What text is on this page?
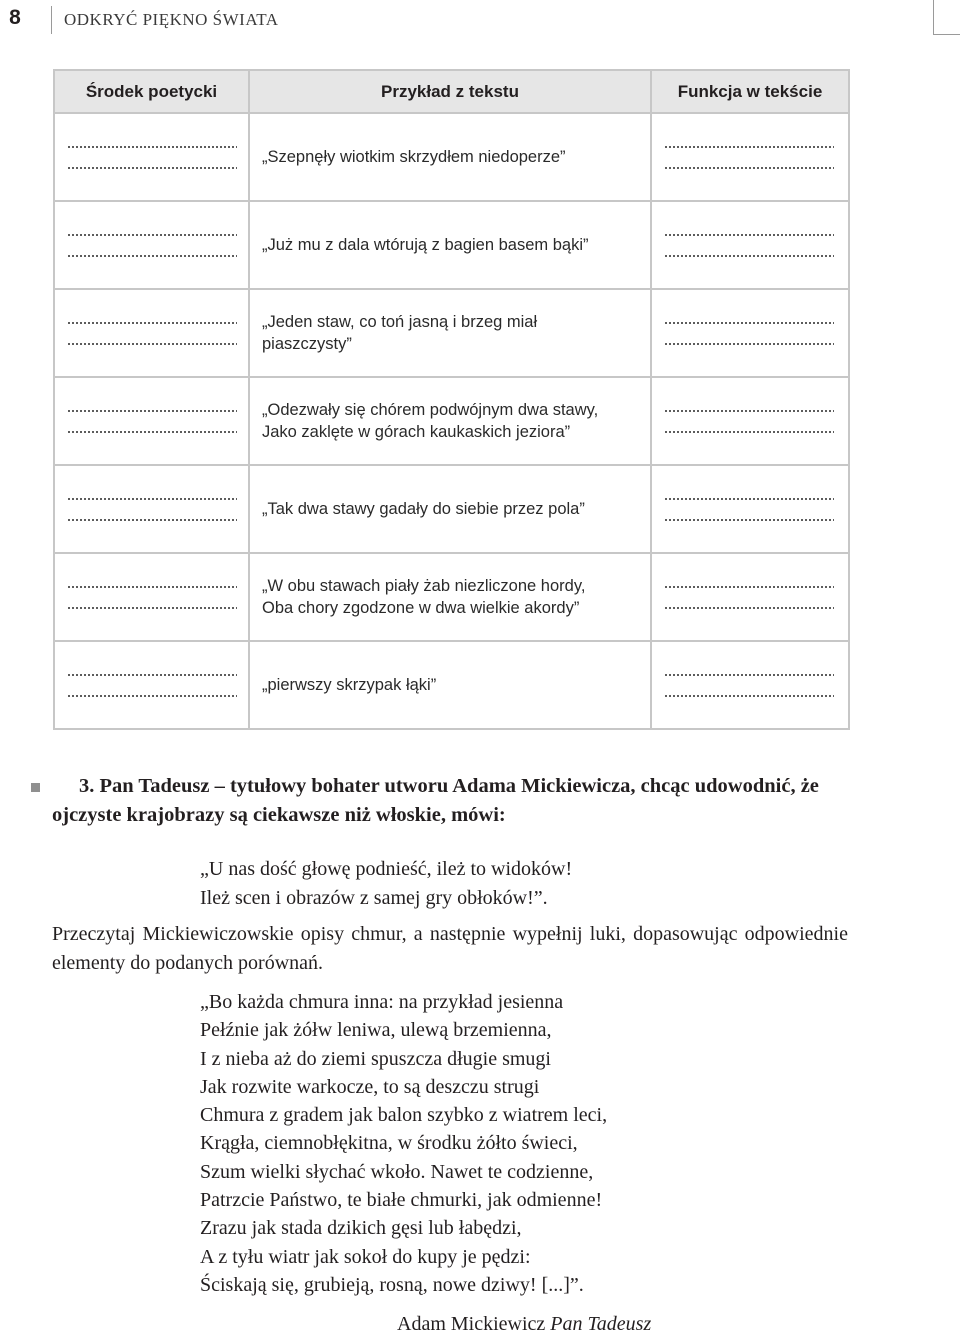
8	ODKRYĆ PIĘKNO ŚWIATA
Środek poetycki	Przykład z tekstu	Funkcja w tekście

	„Szepnęły wiotkim skrzydłem niedoperze”	

	„Już mu z dala wtórują z bagien basem bąki”	

	„Jeden staw, co toń jasną i brzeg miał
piaszczysty”	

	„Odezwały się chórem podwójnym dwa stawy,
Jako zaklęte w górach kaukaskich jeziora”	

	„Tak dwa stawy gadały do siebie przez pola”	

	„W obu stawach piały żab niezliczone hordy,
Oba chory zgodzone w dwa wielkie akordy”	

	„pierwszy skrzypak łąki”	

3. Pan Tadeusz – tytułowy bohater utworu Adama Mickiewicza, chcąc udowodnić, że ojczyste krajobrazy są ciekawsze niż włoskie, mówi:

„U nas dość głowę podnieść, ileż to widoków!
Ileż scen i obrazów z samej gry obłoków!”.

Przeczytaj Mickiewiczowskie opisy chmur, a następnie wypełnij luki, dopasowując odpowiednie elementy do podanych porównań.

„Bo każda chmura inna: na przykład jesienna
Pełźnie jak żółw leniwa, ulewą brzemienna,
I z nieba aż do ziemi spuszcza długie smugi
Jak rozwite warkocze, to są deszczu strugi
Chmura z gradem jak balon szybko z wiatrem leci,
Krągła, ciemnobłękitna, w środku żółto świeci,
Szum wielki słychać wkoło. Nawet te codzienne,
Patrzcie Państwo, te białe chmurki, jak odmienne!
Zrazu jak stada dzikich gęsi lub łabędzi,
A z tyłu wiatr jak sokoł do kupy je pędzi:
Ściskają się, grubieją, rosną, nowe dziwy! [...]”.
Adam Mickiewicz Pan Tadeusz
